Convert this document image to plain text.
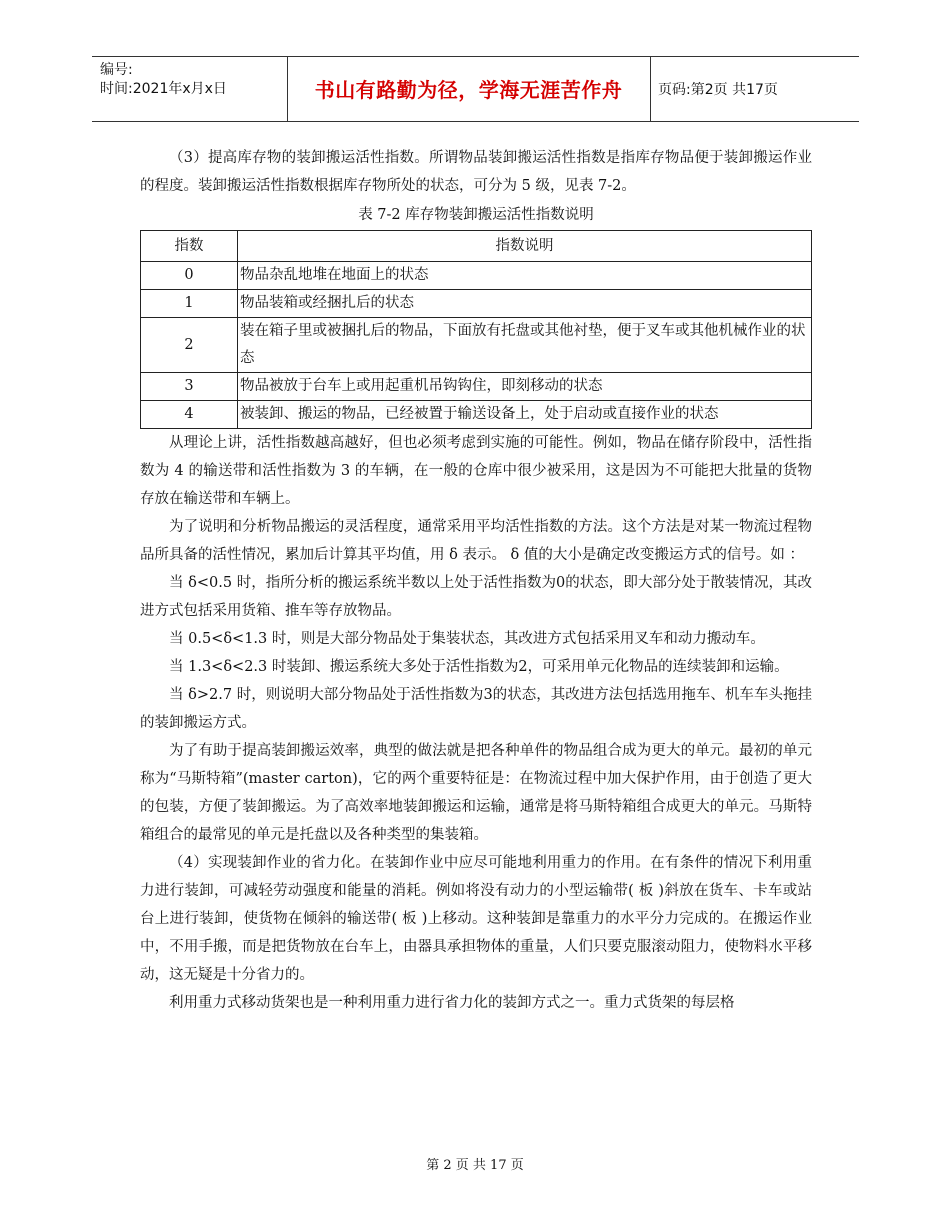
编号:
时间:2021年x月x日	书山有路勤为径，学海无涯苦作舟	页码:第2页 共17页

（3）提高库存物的装卸搬运活性指数。所谓物品装卸搬运活性指数是指库存物品便于装卸搬运作业的程度。装卸搬运活性指数根据库存物所处的状态，可分为 5 级，见表 7-2。

表 7-2 库存物装卸搬运活性指数说明
指数	指数说明
0	物品杂乱地堆在地面上的状态
1	物品装箱或经捆扎后的状态
2	装在箱子里或被捆扎后的物品，下面放有托盘或其他衬垫，便于叉车或其他机械作业的状态
3	物品被放于台车上或用起重机吊钩钩住，即刻移动的状态
4	被装卸、搬运的物品，已经被置于输送设备上，处于启动或直接作业的状态

从理论上讲，活性指数越高越好，但也必须考虑到实施的可能性。例如，物品在储存阶段中，活性指数为 4 的输送带和活性指数为 3 的车辆，在一般的仓库中很少被采用，这是因为不可能把大批量的货物存放在输送带和车辆上。

为了说明和分析物品搬运的灵活程度，通常采用平均活性指数的方法。这个方法是对某一物流过程物品所具备的活性情况，累加后计算其平均值，用 δ 表示。 δ 值的大小是确定改变搬运方式的信号。如 ：

当 δ<0.5 时，指所分析的搬运系统半数以上处于活性指数为0的状态，即大部分处于散装情况，其改进方式包括采用货箱、推车等存放物品。

当 0.5<δ<1.3 时，则是大部分物品处于集装状态，其改进方式包括采用叉车和动力搬动车。

当 1.3<δ<2.3 时装卸、搬运系统大多处于活性指数为2，可采用单元化物品的连续装卸和运输。

当 δ>2.7 时，则说明大部分物品处于活性指数为3的状态，其改进方法包括选用拖车、机车车头拖挂的装卸搬运方式。

为了有助于提高装卸搬运效率，典型的做法就是把各种单件的物品组合成为更大的单元。最初的单元称为“马斯特箱”(master carton)，它的两个重要特征是：在物流过程中加大保护作用，由于创造了更大的包装，方便了装卸搬运。为了高效率地装卸搬运和运输，通常是将马斯特箱组合成更大的单元。马斯特箱组合的最常见的单元是托盘以及各种类型的集装箱。

（4）实现装卸作业的省力化。在装卸作业中应尽可能地利用重力的作用。在有条件的情况下利用重力进行装卸，可减轻劳动强度和能量的消耗。例如将没有动力的小型运输带( 板 )斜放在货车、卡车或站台上进行装卸，使货物在倾斜的输送带( 板 )上移动。这种装卸是靠重力的水平分力完成的。在搬运作业中，不用手搬，而是把货物放在台车上，由器具承担物体的重量，人们只要克服滚动阻力，使物料水平移动，这无疑是十分省力的。

利用重力式移动货架也是一种利用重力进行省力化的装卸方式之一。重力式货架的每层格

第 2 页 共 17 页
